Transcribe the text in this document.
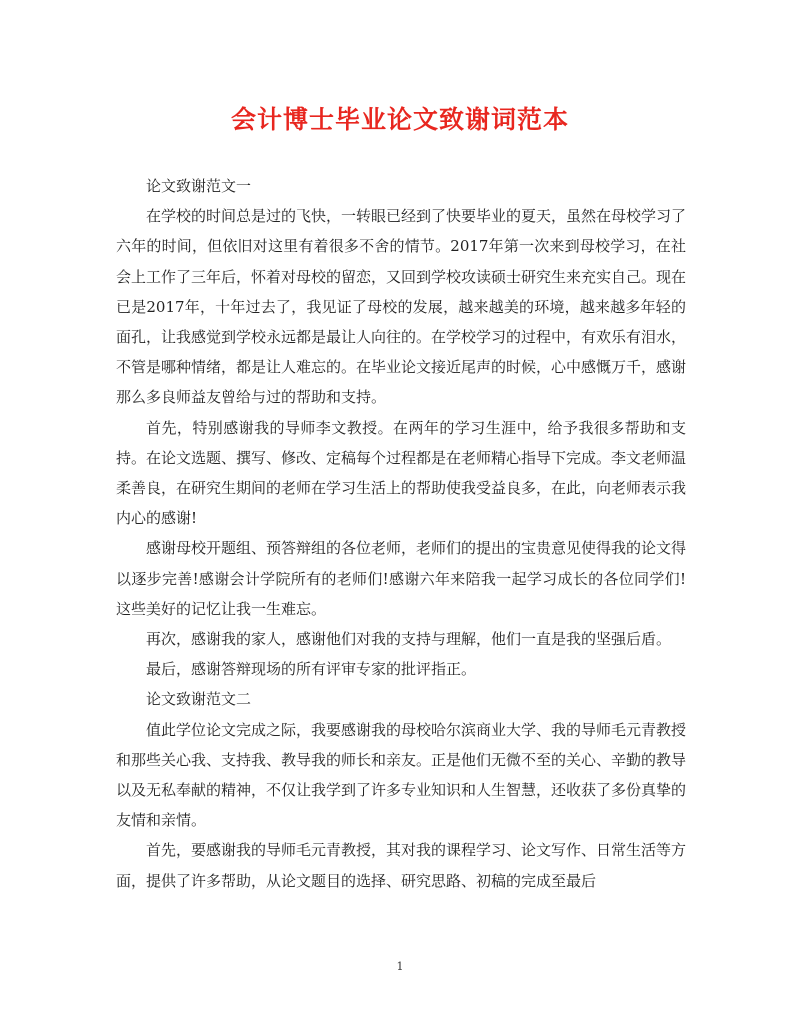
会计博士毕业论文致谢词范本

论文致谢范文一

在学校的时间总是过的飞快，一转眼已经到了快要毕业的夏天，虽然在母校学习了六年的时间，但依旧对这里有着很多不舍的情节。2017年第一次来到母校学习，在社会上工作了三年后，怀着对母校的留恋，又回到学校攻读硕士研究生来充实自己。现在已是2017年，十年过去了，我见证了母校的发展，越来越美的环境，越来越多年轻的面孔，让我感觉到学校永远都是最让人向往的。在学校学习的过程中，有欢乐有泪水，不管是哪种情绪，都是让人难忘的。在毕业论文接近尾声的时候，心中感慨万千，感谢那么多良师益友曾给与过的帮助和支持。

首先，特别感谢我的导师李文教授。在两年的学习生涯中，给予我很多帮助和支持。在论文选题、撰写、修改、定稿每个过程都是在老师精心指导下完成。李文老师温柔善良，在研究生期间的老师在学习生活上的帮助使我受益良多，在此，向老师表示我内心的感谢!

感谢母校开题组、预答辩组的各位老师，老师们的提出的宝贵意见使得我的论文得以逐步完善!感谢会计学院所有的老师们!感谢六年来陪我一起学习成长的各位同学们!这些美好的记忆让我一生难忘。

再次，感谢我的家人，感谢他们对我的支持与理解，他们一直是我的坚强后盾。

最后，感谢答辩现场的所有评审专家的批评指正。

论文致谢范文二

值此学位论文完成之际，我要感谢我的母校哈尔滨商业大学、我的导师毛元青教授和那些关心我、支持我、教导我的师长和亲友。正是他们无微不至的关心、辛勤的教导以及无私奉献的精神，不仅让我学到了许多专业知识和人生智慧，还收获了多份真挚的友情和亲情。

首先，要感谢我的导师毛元青教授，其对我的课程学习、论文写作、日常生活等方面，提供了许多帮助，从论文题目的选择、研究思路、初稿的完成至最后

1
